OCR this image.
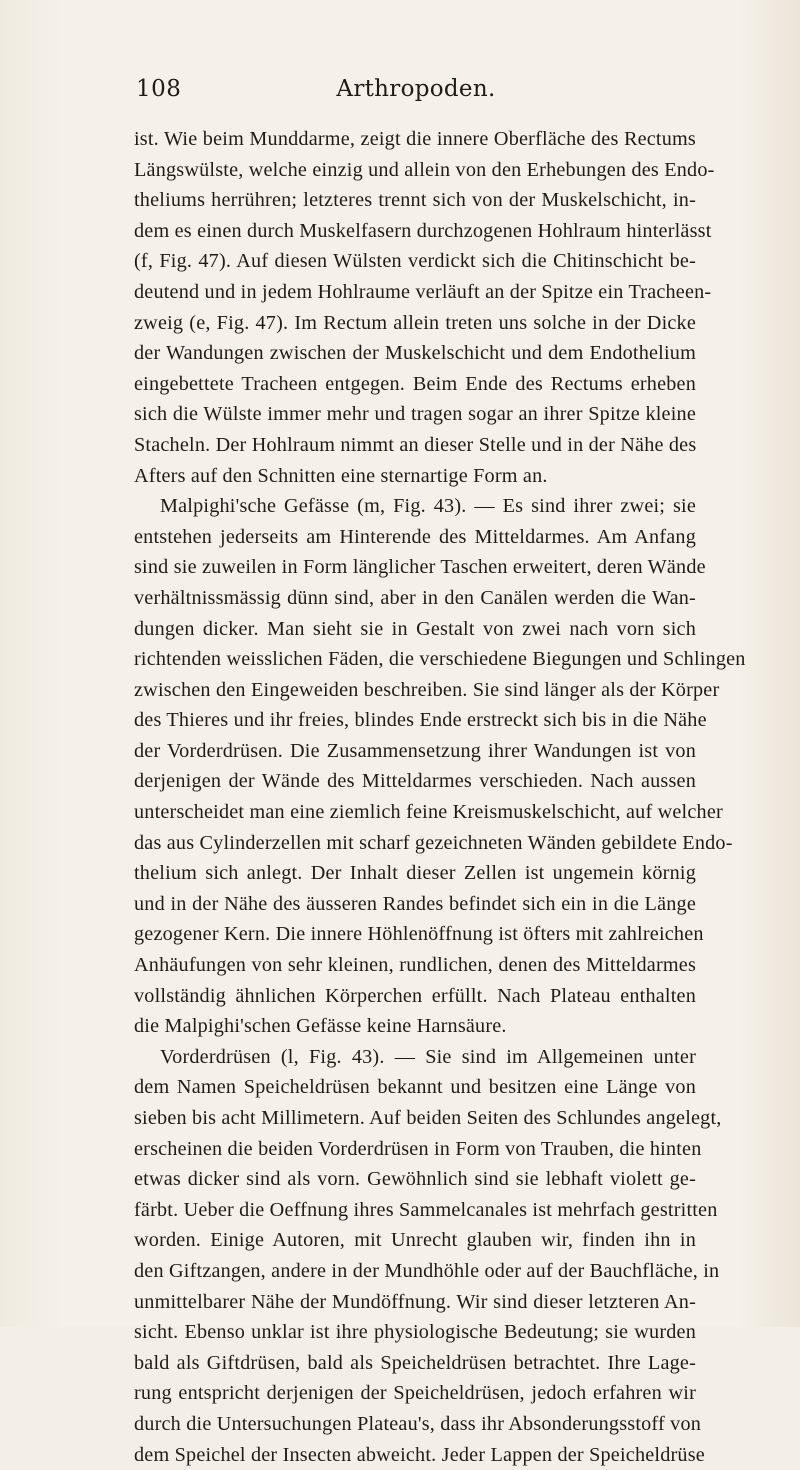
108	Arthropoden.
ist. Wie beim Munddarme, zeigt die innere Oberfläche des Rectums
Längswülste, welche einzig und allein von den Erhebungen des Endo-
theliums herrühren; letzteres trennt sich von der Muskelschicht, in-
dem es einen durch Muskelfasern durchzogenen Hohlraum hinterlässt
(f, Fig. 47). Auf diesen Wülsten verdickt sich die Chitinschicht be-
deutend und in jedem Hohlraume verläuft an der Spitze ein Tracheen-
zweig (e, Fig. 47). Im Rectum allein treten uns solche in der Dicke
der Wandungen zwischen der Muskelschicht und dem Endothelium
eingebettete Tracheen entgegen. Beim Ende des Rectums erheben
sich die Wülste immer mehr und tragen sogar an ihrer Spitze kleine
Stacheln. Der Hohlraum nimmt an dieser Stelle und in der Nähe des
Afters auf den Schnitten eine sternartige Form an.
Malpighi'sche Gefässe (m, Fig. 43). — Es sind ihrer zwei; sie
entstehen jederseits am Hinterende des Mitteldarmes. Am Anfang
sind sie zuweilen in Form länglicher Taschen erweitert, deren Wände
verhältnissmässig dünn sind, aber in den Canälen werden die Wan-
dungen dicker. Man sieht sie in Gestalt von zwei nach vorn sich
richtenden weisslichen Fäden, die verschiedene Biegungen und Schlingen
zwischen den Eingeweiden beschreiben. Sie sind länger als der Körper
des Thieres und ihr freies, blindes Ende erstreckt sich bis in die Nähe
der Vorderdrüsen. Die Zusammensetzung ihrer Wandungen ist von
derjenigen der Wände des Mitteldarmes verschieden. Nach aussen
unterscheidet man eine ziemlich feine Kreismuskelschicht, auf welcher
das aus Cylinderzellen mit scharf gezeichneten Wänden gebildete Endo-
thelium sich anlegt. Der Inhalt dieser Zellen ist ungemein körnig
und in der Nähe des äusseren Randes befindet sich ein in die Länge
gezogener Kern. Die innere Höhlenöffnung ist öfters mit zahlreichen
Anhäufungen von sehr kleinen, rundlichen, denen des Mitteldarmes
vollständig ähnlichen Körperchen erfüllt. Nach Plateau enthalten
die Malpighi'schen Gefässe keine Harnsäure.
Vorderdrüsen (l, Fig. 43). — Sie sind im Allgemeinen unter
dem Namen Speicheldrüsen bekannt und besitzen eine Länge von
sieben bis acht Millimetern. Auf beiden Seiten des Schlundes angelegt,
erscheinen die beiden Vorderdrüsen in Form von Trauben, die hinten
etwas dicker sind als vorn. Gewöhnlich sind sie lebhaft violett ge-
färbt. Ueber die Oeffnung ihres Sammelcanales ist mehrfach gestritten
worden. Einige Autoren, mit Unrecht glauben wir, finden ihn in
den Giftzangen, andere in der Mundhöhle oder auf der Bauchfläche, in
unmittelbarer Nähe der Mundöffnung. Wir sind dieser letzteren An-
sicht. Ebenso unklar ist ihre physiologische Bedeutung; sie wurden
bald als Giftdrüsen, bald als Speicheldrüsen betrachtet. Ihre Lage-
rung entspricht derjenigen der Speicheldrüsen, jedoch erfahren wir
durch die Untersuchungen Plateau's, dass ihr Absonderungsstoff von
dem Speichel der Insecten abweicht. Jeder Lappen der Speicheldrüse
